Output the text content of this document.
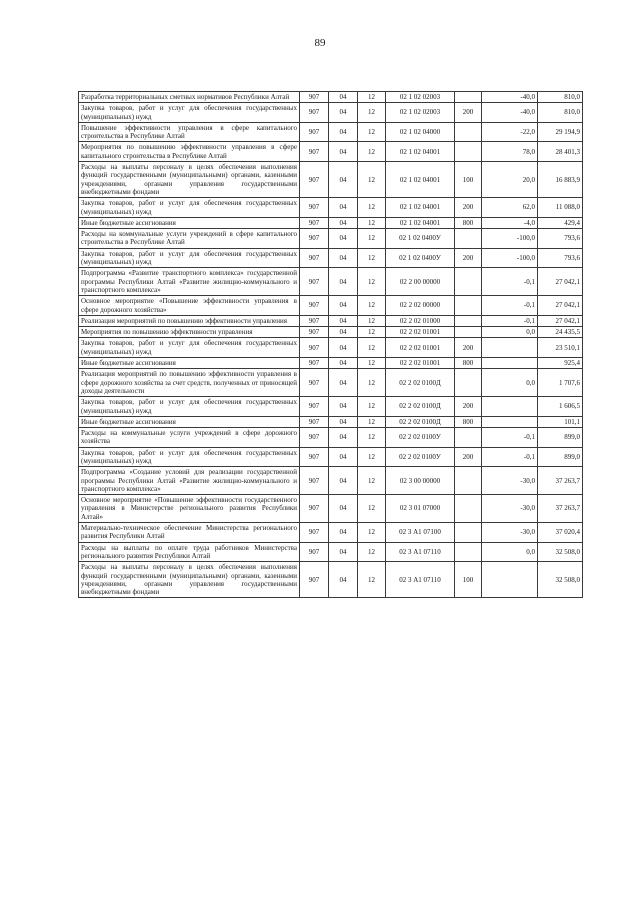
89
Разработка территориальных сметных нормативов Республики Алтай	907	04	12	02 1 02 02003		-40,0	810,0
Закупка товаров, работ и услуг для обеспечения государственных (муниципальных) нужд	907	04	12	02 1 02 02003	200	-40,0	810,0
Повышение эффективности управления в сфере капитального строительства в Республике Алтай	907	04	12	02 1 02 04000		-22,0	29 194,9
Мероприятия по повышению эффективности управления в сфере капитального строительства в Республике Алтай	907	04	12	02 1 02 04001		78,0	28 401,3
Расходы на выплаты персоналу в целях обеспечения выполнения функций государственными (муниципальными) органами, казенными учреждениями, органами управления государственными внебюджетными фондами	907	04	12	02 1 02 04001	100	20,0	16 883,9
Закупка товаров, работ и услуг для обеспечения государственных (муниципальных) нужд	907	04	12	02 1 02 04001	200	62,0	11 088,0
Иные бюджетные ассигнования	907	04	12	02 1 02 04001	800	-4,0	429,4
Расходы на коммунальные услуги учреждений в сфере капитального строительства в Республике Алтай	907	04	12	02 1 02 0400У		-100,0	793,6
Закупка товаров, работ и услуг для обеспечения государственных (муниципальных) нужд	907	04	12	02 1 02 0400У	200	-100,0	793,6
Подпрограмма «Развитие транспортного комплекса» государственной программы Республики Алтай «Развитие жилищно-коммунального и транспортного комплекса»	907	04	12	02 2 00 00000		-0,1	27 042,1
Основное мероприятие «Повышение эффективности управления в сфере дорожного хозяйства»	907	04	12	02 2 02 00000		-0,1	27 042,1
Реализация мероприятий по повышению эффективности управления	907	04	12	02 2 02 01000		-0,1	27 042,1
Мероприятия по повышению эффективности управления	907	04	12	02 2 02 01001		0,0	24 435,5
Закупка товаров, работ и услуг для обеспечения государственных (муниципальных) нужд	907	04	12	02 2 02 01001	200		23 510,1
Иные бюджетные ассигнования	907	04	12	02 2 02 01001	800		925,4
Реализация мероприятий по повышению эффективности управления в сфере дорожного хозяйства за счет средств, полученных от приносящей доходы деятельности	907	04	12	02 2 02 0100Д		0,0	1 707,6
Закупка товаров, работ и услуг для обеспечения государственных (муниципальных) нужд	907	04	12	02 2 02 0100Д	200		1 606,5
Иные бюджетные ассигнования	907	04	12	02 2 02 0100Д	800		101,1
Расходы на коммунальные услуги учреждений в сфере дорожного хозяйства	907	04	12	02 2 02 0100У		-0,1	899,0
Закупка товаров, работ и услуг для обеспечения государственных (муниципальных) нужд	907	04	12	02 2 02 0100У	200	-0,1	899,0
Подпрограмма «Создание условий для реализации государственной программы Республики Алтай «Развитие жилищно-коммунального и транспортного комплекса»	907	04	12	02 3 00 00000		-30,0	37 263,7
Основное мероприятие «Повышение эффективности государственного управления в Министерстве регионального развития Республики Алтай»	907	04	12	02 3 01 07000		-30,0	37 263,7
Материально-техническое обеспечение Министерства регионального развития Республики Алтай	907	04	12	02 3 А1 07100		-30,0	37 020,4
Расходы на выплаты по оплате труда работников Министерства регионального развития Республики Алтай	907	04	12	02 3 А1 07110		0,0	32 508,0
Расходы на выплаты персоналу в целях обеспечения выполнения функций государственными (муниципальными) органами, казенными учреждениями, органами управления государственными внебюджетными фондами	907	04	12	02 3 А1 07110	100		32 508,0
